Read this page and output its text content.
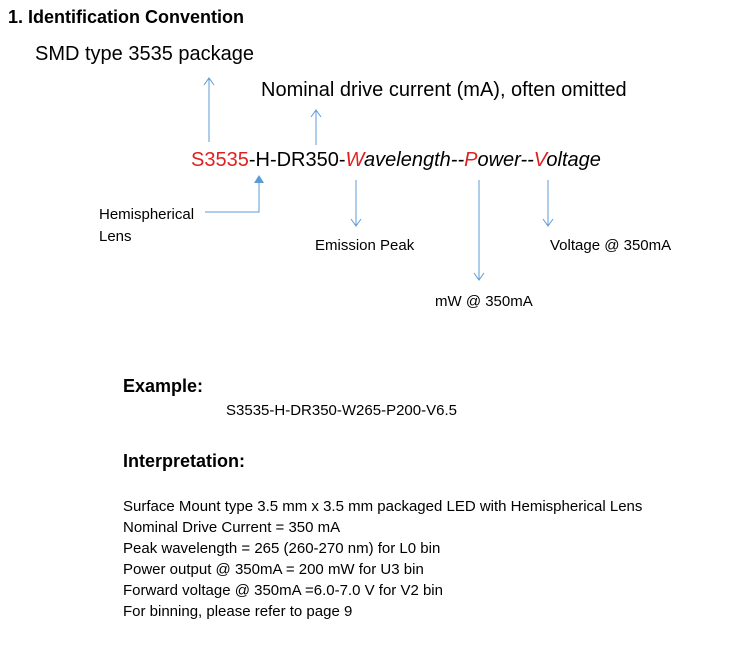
1. Identification Convention
SMD type 3535 package
Nominal drive current (mA), often omitted
S3535-H-DR350-Wavelength--Power--Voltage
Hemispherical
Lens
Emission Peak	Voltage @ 350mA
mW @ 350mA
Example:
S3535-H-DR350-W265-P200-V6.5
Interpretation:
Surface Mount type 3.5 mm x 3.5 mm packaged LED with Hemispherical Lens
Nominal Drive Current = 350 mA
Peak wavelength = 265 (260-270 nm) for L0 bin
Power output @ 350mA = 200 mW for U3 bin
Forward voltage @ 350mA =6.0-7.0 V for V2 bin
For binning, please refer to page 9
